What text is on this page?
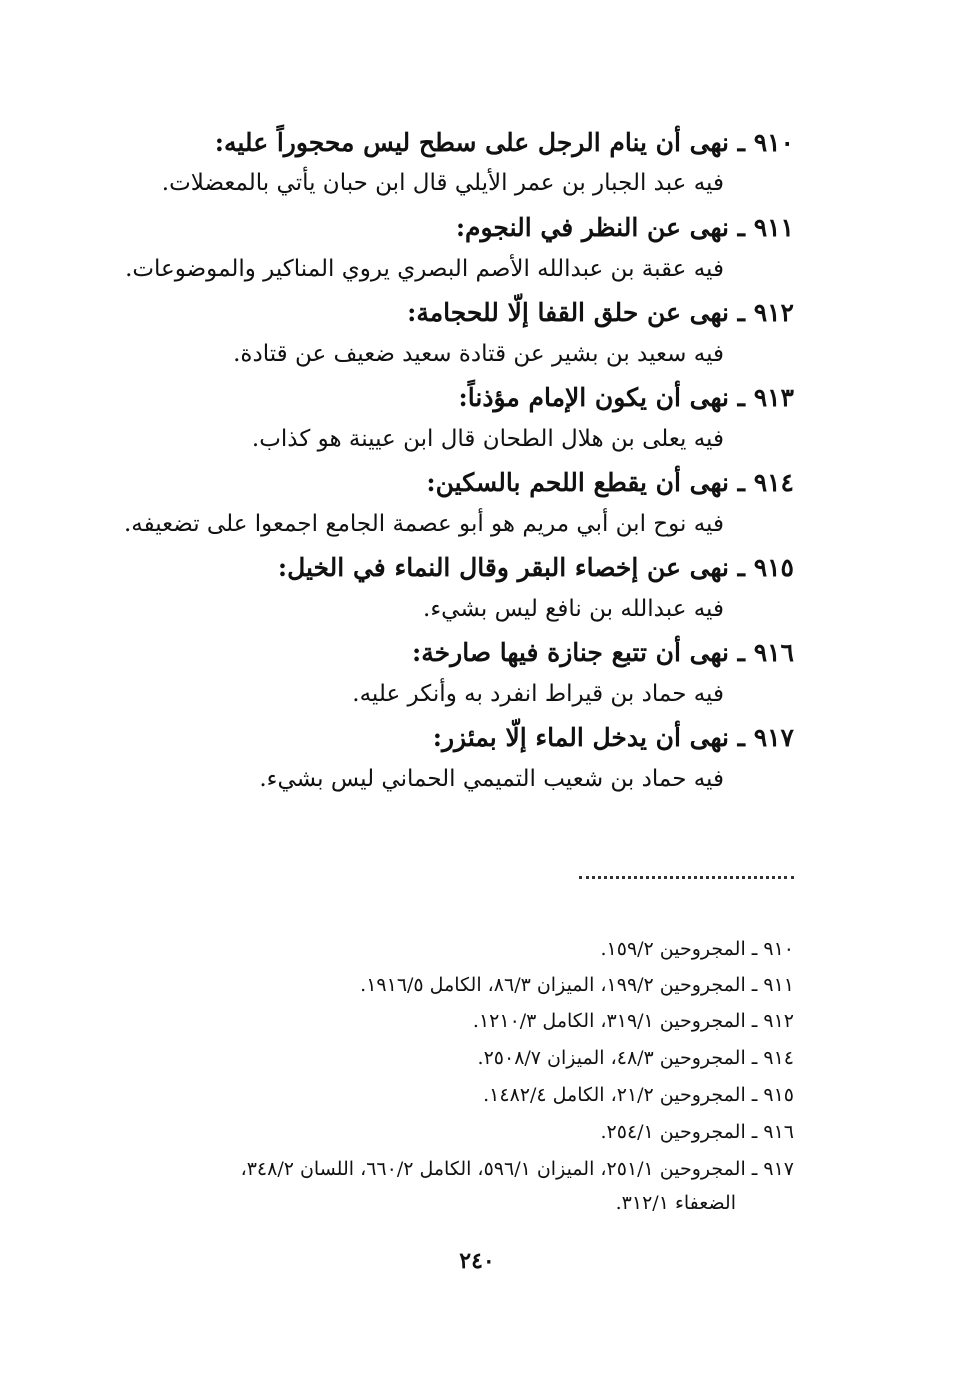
٩١٠ ـ نهى أن ينام الرجل على سطح ليس محجوراً عليه:
فيه عبد الجبار بن عمر الأيلي قال ابن حبان يأتي بالمعضلات.
٩١١ ـ نهى عن النظر في النجوم:
فيه عقبة بن عبدالله الأصم البصري يروي المناكير والموضوعات.
٩١٢ ـ نهى عن حلق القفا إلّا للحجامة:
فيه سعيد بن بشير عن قتادة سعيد ضعيف عن قتادة.
٩١٣ ـ نهى أن يكون الإمام مؤذناً:
فيه يعلى بن هلال الطحان قال ابن عيينة هو كذاب.
٩١٤ ـ نهى أن يقطع اللحم بالسكين:
فيه نوح ابن أبي مريم هو أبو عصمة الجامع اجمعوا على تضعيفه.
٩١٥ ـ نهى عن إخصاء البقر وقال النماء في الخيل:
فيه عبدالله بن نافع ليس بشيء.
٩١٦ ـ نهى أن تتبع جنازة فيها صارخة:
فيه حماد بن قيراط انفرد به وأنكر عليه.
٩١٧ ـ نهى أن يدخل الماء إلّا بمئزر:
فيه حماد بن شعيب التميمي الحماني ليس بشيء.
٩١٠ ـ المجروحين ١٥٩/٢.
٩١١ ـ المجروحين ١٩٩/٢، الميزان ٨٦/٣، الكامل ١٩١٦/٥.
٩١٢ ـ المجروحين ٣١٩/١، الكامل ١٢١٠/٣.
٩١٤ ـ المجروحين ٤٨/٣، الميزان ٢٥٠٨/٧.
٩١٥ ـ المجروحين ٢١/٢، الكامل ١٤٨٢/٤.
٩١٦ ـ المجروحين ٢٥٤/١.
٩١٧ ـ المجروحين ٢٥١/١، الميزان ٥٩٦/١، الكامل ٦٦٠/٢، اللسان ٣٤٨/٢،
الضعفاء ٣١٢/١.
٢٤٠
